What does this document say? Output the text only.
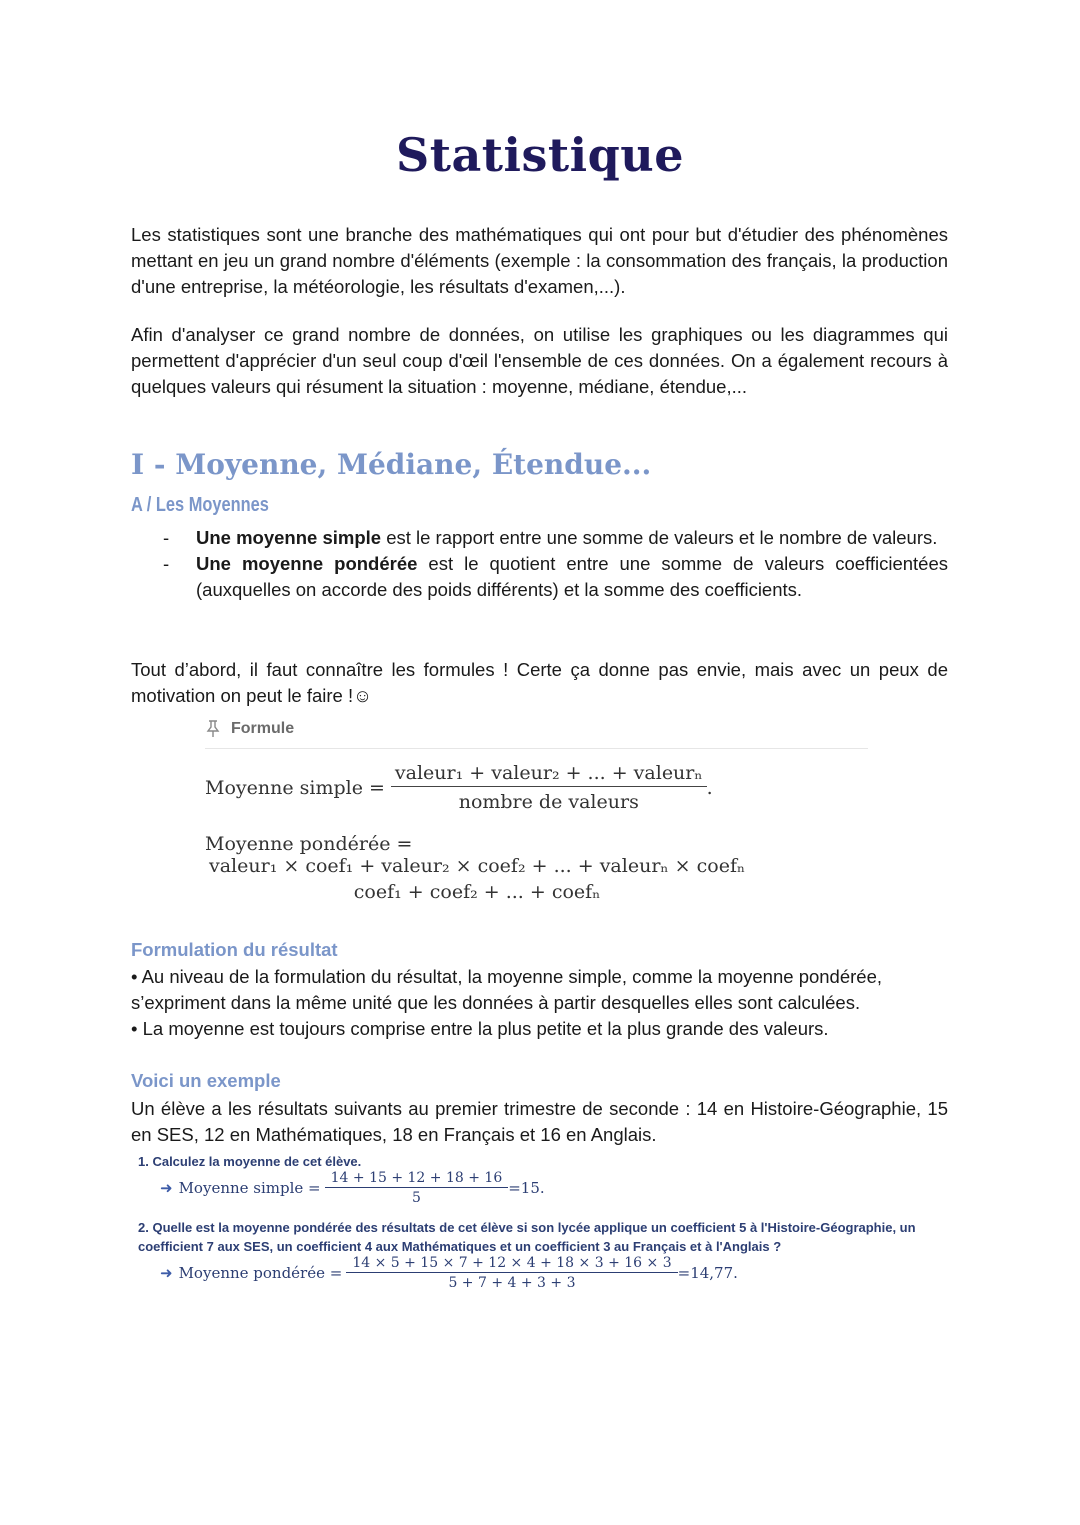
Statistique

Les statistiques sont une branche des mathématiques qui ont pour but d'étudier des phénomènes mettant en jeu un grand nombre d'éléments (exemple : la consommation des français, la production d'une entreprise, la météorologie, les résultats d'examen,...).

Afin d'analyser ce grand nombre de données, on utilise les graphiques ou les diagrammes qui permettent d'apprécier d'un seul coup d'œil l'ensemble de ces données. On a également recours à quelques valeurs qui résument la situation : moyenne, médiane, étendue,...

I - Moyenne, Médiane, Étendue...
A / Les Moyennes
- Une moyenne simple est le rapport entre une somme de valeurs et le nombre de valeurs.
- Une moyenne pondérée est le quotient entre une somme de valeurs coefficientées (auxquelles on accorde des poids différents) et la somme des coefficients.

Tout d’abord, il faut connaître les formules ! Certe ça donne pas envie, mais avec un peux de motivation on peut le faire !☺

Formule
Moyenne simple = $\frac{\text{valeur₁ + valeur₂ + ... + valeurₙ}}{\text{nombre de valeurs}}$ .
Moyenne pondérée =
valeur₁ × coef₁ + valeur₂ × coef₂ + ... + valeurₙ × coefₙ
coef₁ + coef₂ + ... + coefₙ

Formulation du résultat

• Au niveau de la formulation du résultat, la moyenne simple, comme la moyenne pondérée, s’expriment dans la même unité que les données à partir desquelles elles sont calculées.

• La moyenne est toujours comprise entre la plus petite et la plus grande des valeurs.

Voici un exemple

Un élève a les résultats suivants au premier trimestre de seconde : 14 en Histoire-Géographie, 15 en SES, 12 en Mathématiques, 18 en Français et 16 en Anglais.

1. Calculez la moyenne de cet élève.

➜ Moyenne simple = $\frac{14 + 15 + 12 + 18 + 16}{5} =15$.

2. Quelle est la moyenne pondérée des résultats de cet élève si son lycée applique un coefficient 5 à l'Histoire-Géographie, un coefficient 7 aux SES, un coefficient 4 aux Mathématiques et un coefficient 3 au Français et à l'Anglais ?

➜ Moyenne pondérée = $\frac{14 \times 5 + 15 \times 7 + 12 \times 4 + 18 \times 3 + 16 \times 3}{5 + 7 + 4 + 3 + 3} =14,77$.
